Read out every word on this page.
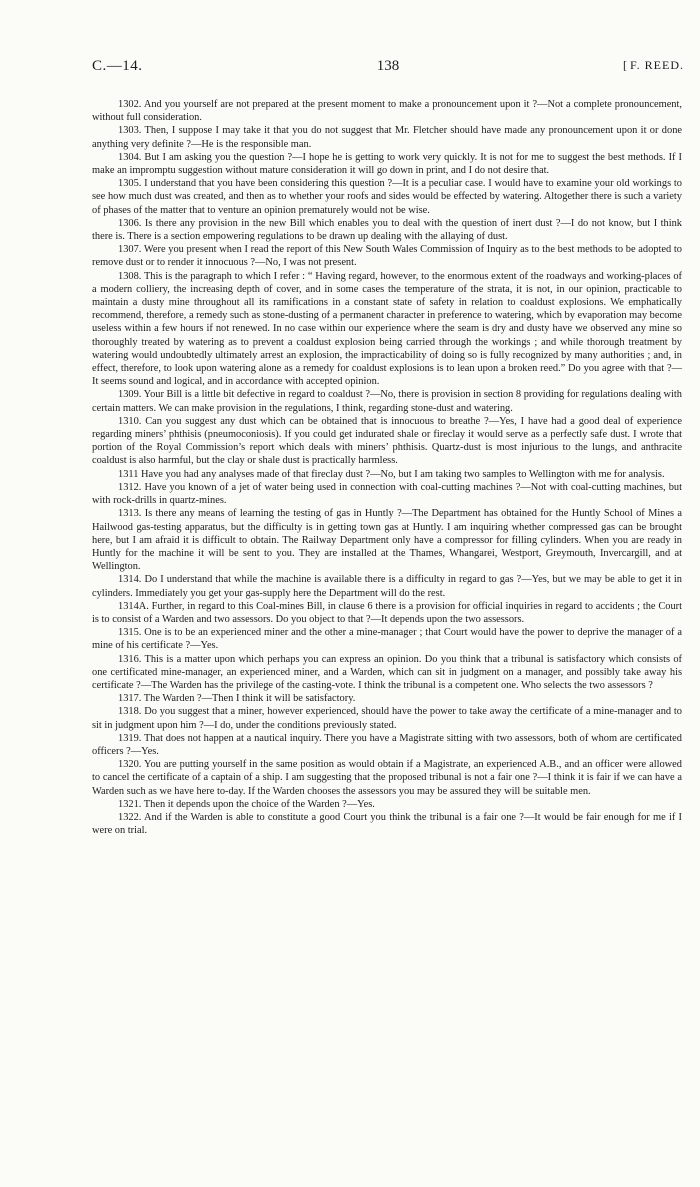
C.—14.	138	[ F. REED.

1302. And you yourself are not prepared at the present moment to make a pronouncement upon it ?—Not a complete pronouncement, without full consideration.

1303. Then, I suppose I may take it that you do not suggest that Mr. Fletcher should have made any pronouncement upon it or done anything very definite ?—He is the responsible man.

1304. But I am asking you the question ?—I hope he is getting to work very quickly. It is not for me to suggest the best methods. If I make an impromptu suggestion without mature consideration it will go down in print, and I do not desire that.

1305. I understand that you have been considering this question ?—It is a peculiar case. I would have to examine your old workings to see how much dust was created, and then as to whether your roofs and sides would be effected by watering. Altogether there is such a variety of phases of the matter that to venture an opinion prematurely would not be wise.

1306. Is there any provision in the new Bill which enables you to deal with the question of inert dust ?—I do not know, but I think there is. There is a section empowering regulations to be drawn up dealing with the allaying of dust.

1307. Were you present when I read the report of this New South Wales Commission of Inquiry as to the best methods to be adopted to remove dust or to render it innocuous ?—No, I was not present.

1308. This is the paragraph to which I refer : “ Having regard, however, to the enormous extent of the roadways and working-places of a modern colliery, the increasing depth of cover, and in some cases the temperature of the strata, it is not, in our opinion, practicable to maintain a dusty mine throughout all its ramifications in a constant state of safety in relation to coaldust explosions. We emphatically recommend, therefore, a remedy such as stone-dusting of a permanent character in preference to watering, which by evaporation may become useless within a few hours if not renewed. In no case within our experience where the seam is dry and dusty have we observed any mine so thoroughly treated by watering as to prevent a coaldust explosion being carried through the workings ; and while thorough treatment by watering would undoubtedly ultimately arrest an explosion, the impracticability of doing so is fully recognized by many authorities ; and, in effect, therefore, to look upon watering alone as a remedy for coaldust explosions is to lean upon a broken reed.” Do you agree with that ?—It seems sound and logical, and in accordance with accepted opinion.

1309. Your Bill is a little bit defective in regard to coaldust ?—No, there is provision in section 8 providing for regulations dealing with certain matters. We can make provision in the regulations, I think, regarding stone-dust and watering.

1310. Can you suggest any dust which can be obtained that is innocuous to breathe ?—Yes, I have had a good deal of experience regarding miners’ phthisis (pneumoconiosis). If you could get indurated shale or fireclay it would serve as a perfectly safe dust. I wrote that portion of the Royal Commission’s report which deals with miners’ phthisis. Quartz-dust is most injurious to the lungs, and anthracite coaldust is also harmful, but the clay or shale dust is practically harmless.

1311 Have you had any analyses made of that fireclay dust ?—No, but I am taking two samples to Wellington with me for analysis.

1312. Have you known of a jet of water being used in connection with coal-cutting machines ?—Not with coal-cutting machines, but with rock-drills in quartz-mines.

1313. Is there any means of learning the testing of gas in Huntly ?—The Department has obtained for the Huntly School of Mines a Hailwood gas-testing apparatus, but the difficulty is in getting town gas at Huntly. I am inquiring whether compressed gas can be brought here, but I am afraid it is difficult to obtain. The Railway Department only have a compressor for filling cylinders. When you are ready in Huntly for the machine it will be sent to you. They are installed at the Thames, Whangarei, Westport, Greymouth, Invercargill, and at Wellington.

1314. Do I understand that while the machine is available there is a difficulty in regard to gas ?—Yes, but we may be able to get it in cylinders. Immediately you get your gas-supply here the Department will do the rest.

1314A. Further, in regard to this Coal-mines Bill, in clause 6 there is a provision for official inquiries in regard to accidents ; the Court is to consist of a Warden and two assessors. Do you object to that ?—It depends upon the two assessors.

1315. One is to be an experienced miner and the other a mine-manager ; that Court would have the power to deprive the manager of a mine of his certificate ?—Yes.

1316. This is a matter upon which perhaps you can express an opinion. Do you think that a tribunal is satisfactory which consists of one certificated mine-manager, an experienced miner, and a Warden, which can sit in judgment on a manager, and possibly take away his certificate ?—The Warden has the privilege of the casting-vote. I think the tribunal is a competent one. Who selects the two assessors ?

1317. The Warden ?—Then I think it will be satisfactory.

1318. Do you suggest that a miner, however experienced, should have the power to take away the certificate of a mine-manager and to sit in judgment upon him ?—I do, under the conditions previously stated.

1319. That does not happen at a nautical inquiry. There you have a Magistrate sitting with two assessors, both of whom are certificated officers ?—Yes.

1320. You are putting yourself in the same position as would obtain if a Magistrate, an experienced A.B., and an officer were allowed to cancel the certificate of a captain of a ship. I am suggesting that the proposed tribunal is not a fair one ?—I think it is fair if we can have a Warden such as we have here to-day. If the Warden chooses the assessors you may be assured they will be suitable men.

1321. Then it depends upon the choice of the Warden ?—Yes.

1322. And if the Warden is able to constitute a good Court you think the tribunal is a fair one ?—It would be fair enough for me if I were on trial.
